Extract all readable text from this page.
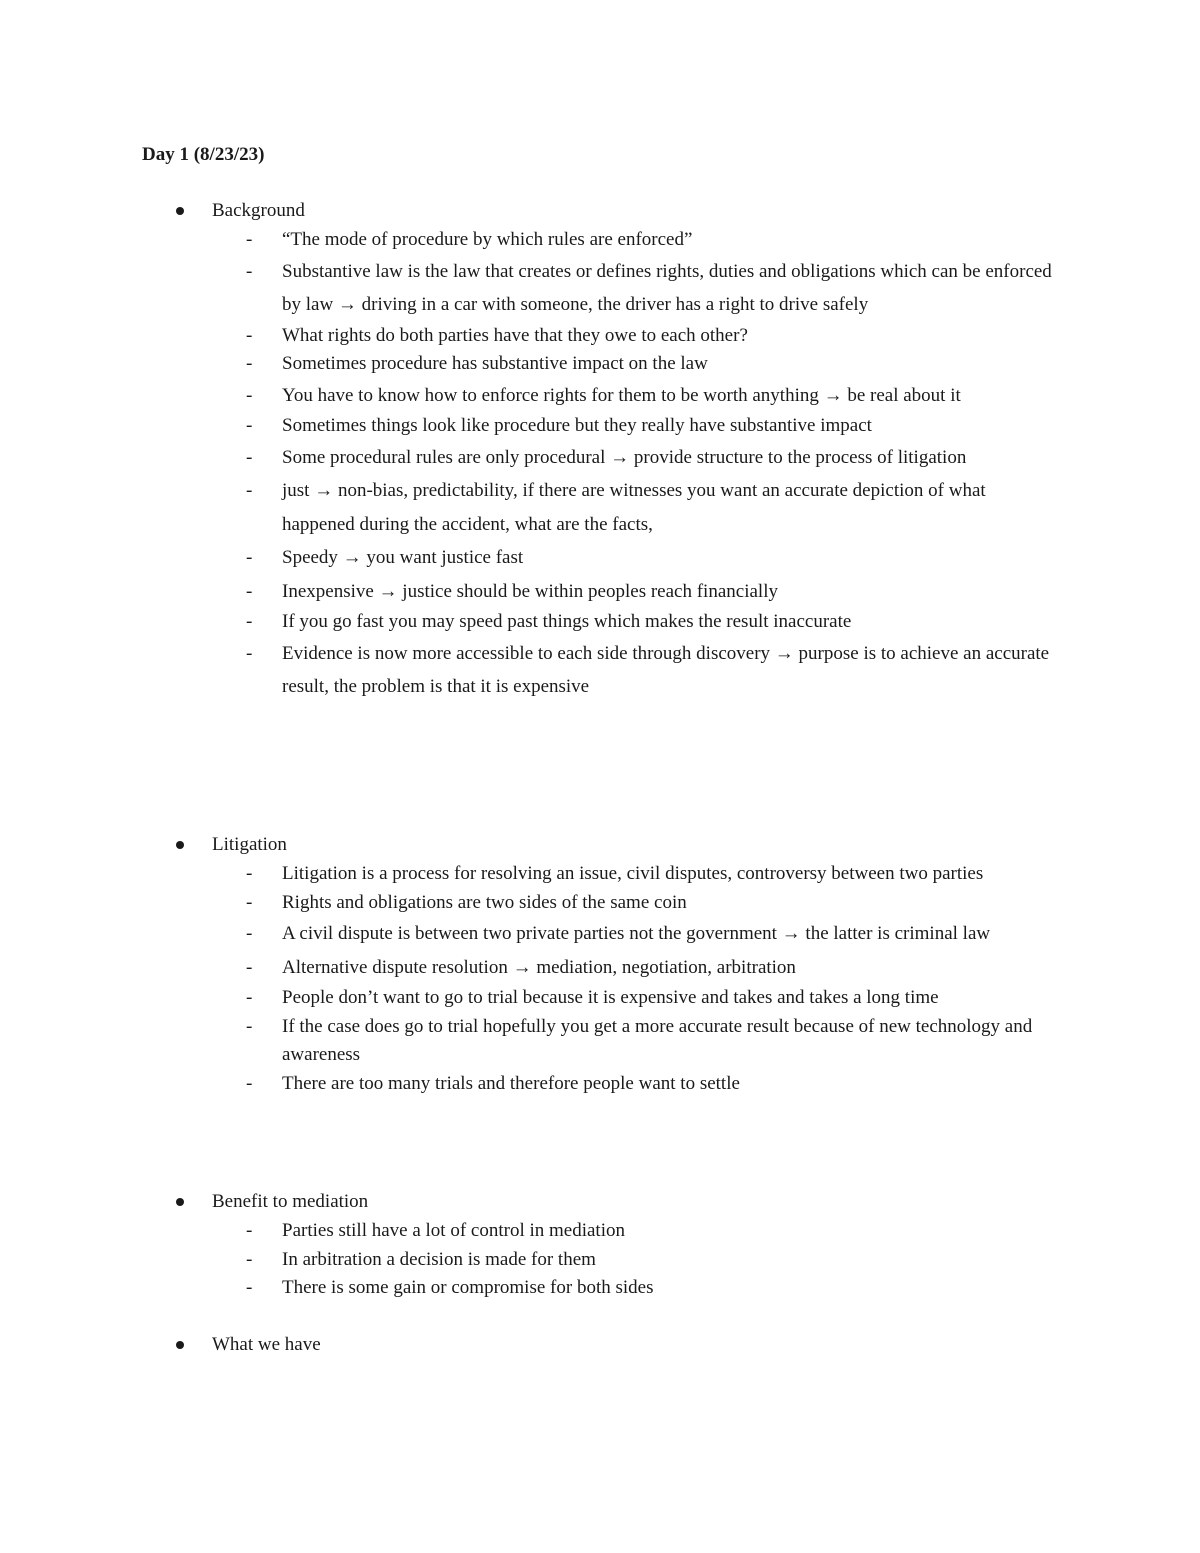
Day 1 (8/23/23)
Background
- “The mode of procedure by which rules are enforced”
- Substantive law is the law that creates or defines rights, duties and obligations which can be enforced by law → driving in a car with someone, the driver has a right to drive safely
- What rights do both parties have that they owe to each other?
- Sometimes procedure has substantive impact on the law
- You have to know how to enforce rights for them to be worth anything → be real about it
- Sometimes things look like procedure but they really have substantive impact
- Some procedural rules are only procedural → provide structure to the process of litigation
- just → non-bias, predictability, if there are witnesses you want an accurate depiction of what happened during the accident, what are the facts,
- Speedy → you want justice fast
- Inexpensive → justice should be within peoples reach financially
- If you go fast you may speed past things which makes the result inaccurate
- Evidence is now more accessible to each side through discovery → purpose is to achieve an accurate result, the problem is that it is expensive
Litigation
- Litigation is a process for resolving an issue, civil disputes, controversy between two parties
- Rights and obligations are two sides of the same coin
- A civil dispute is between two private parties not the government → the latter is criminal law
- Alternative dispute resolution → mediation, negotiation, arbitration
- People don’t want to go to trial because it is expensive and takes and takes a long time
- If the case does go to trial hopefully you get a more accurate result because of new technology and awareness
- There are too many trials and therefore people want to settle
Benefit to mediation
- Parties still have a lot of control in mediation
- In arbitration a decision is made for them
- There is some gain or compromise for both sides
What we have
